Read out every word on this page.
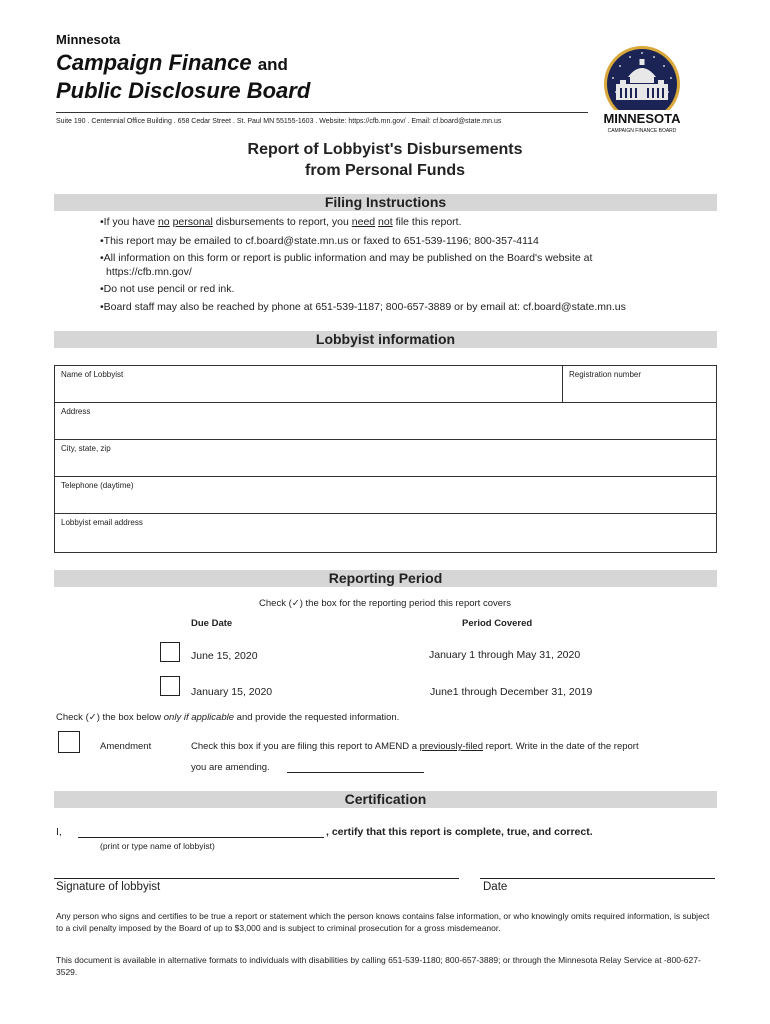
Minnesota
Campaign Finance and
Public Disclosure Board
Suite 190 . Centennial Office Building . 658 Cedar Street . St. Paul MN 55155-1603 . Website: https://cfb.mn.gov/ . Email: cf.board@state.mn.us	MINNESOTA
CAMPAIGN FINANCE BOARD
Report of Lobbyist's Disbursements
from Personal Funds
Filing Instructions
•If you have no personal disbursements to report, you need not file this report.
•This report may be emailed to cf.board@state.mn.us or faxed to 651-539-1196; 800-357-4114
•All information on this form or report is public information and may be published on the Board's website at
https://cfb.mn.gov/
•Do not use pencil or red ink.
•Board staff may also be reached by phone at 651-539-1187; 800-657-3889 or by email at: cf.board@state.mn.us
Lobbyist information
Name of Lobbyist	Registration number
Address
City, state, zip
Telephone (daytime)
Lobbyist email address
Reporting Period
Check (✓) the box for the reporting period this report covers
Due Date	Period Covered
June 15, 2020	January 1 through May 31, 2020
January 15, 2020	June1 through December 31, 2019
Check (✓) the box below only if applicable and provide the requested information.
Amendment	Check this box if you are filing this report to AMEND a previously-filed report. Write in the date of the report
you are amending.
Certification
I,	, certify that this report is complete, true, and correct.
(print or type name of lobbyist)
Signature of lobbyist	Date
Any person who signs and certifies to be true a report or statement which the person knows contains false information, or who knowingly omits required information, is subject to a civil penalty imposed by the Board of up to $3,000 and is subject to criminal prosecution for a gross misdemeanor.
This document is available in alternative formats to individuals with disabilities by calling 651-539-1180; 800-657-3889; or through the Minnesota Relay Service at -800-627-3529.
